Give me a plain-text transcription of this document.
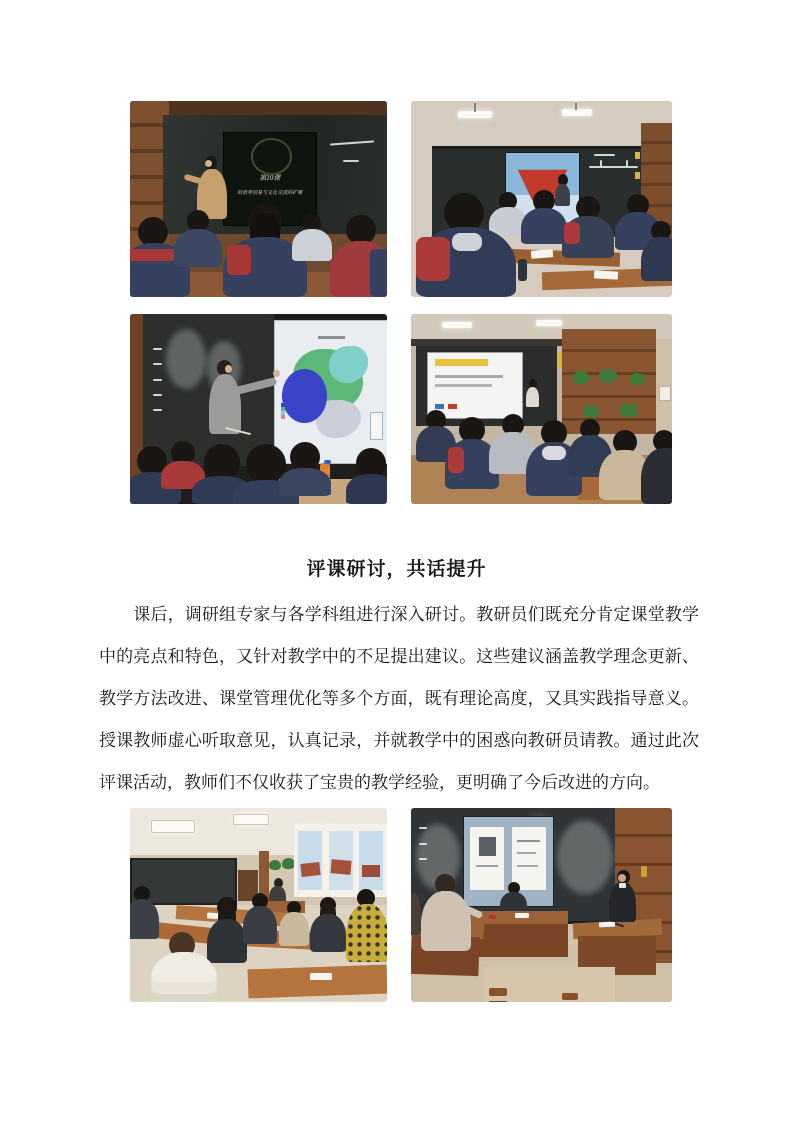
第10课
的世界贸易与文化交流的扩展
评课研讨，共话提升
　　课后，调研组专家与各学科组进行深入研讨。教研员们既充分肯定课堂教学
中的亮点和特色，又针对教学中的不足提出建议。这些建议涵盖教学理念更新、
教学方法改进、课堂管理优化等多个方面，既有理论高度，又具实践指导意义。
授课教师虚心听取意见，认真记录，并就教学中的困惑向教研员请教。通过此次
评课活动，教师们不仅收获了宝贵的教学经验，更明确了今后改进的方向。
